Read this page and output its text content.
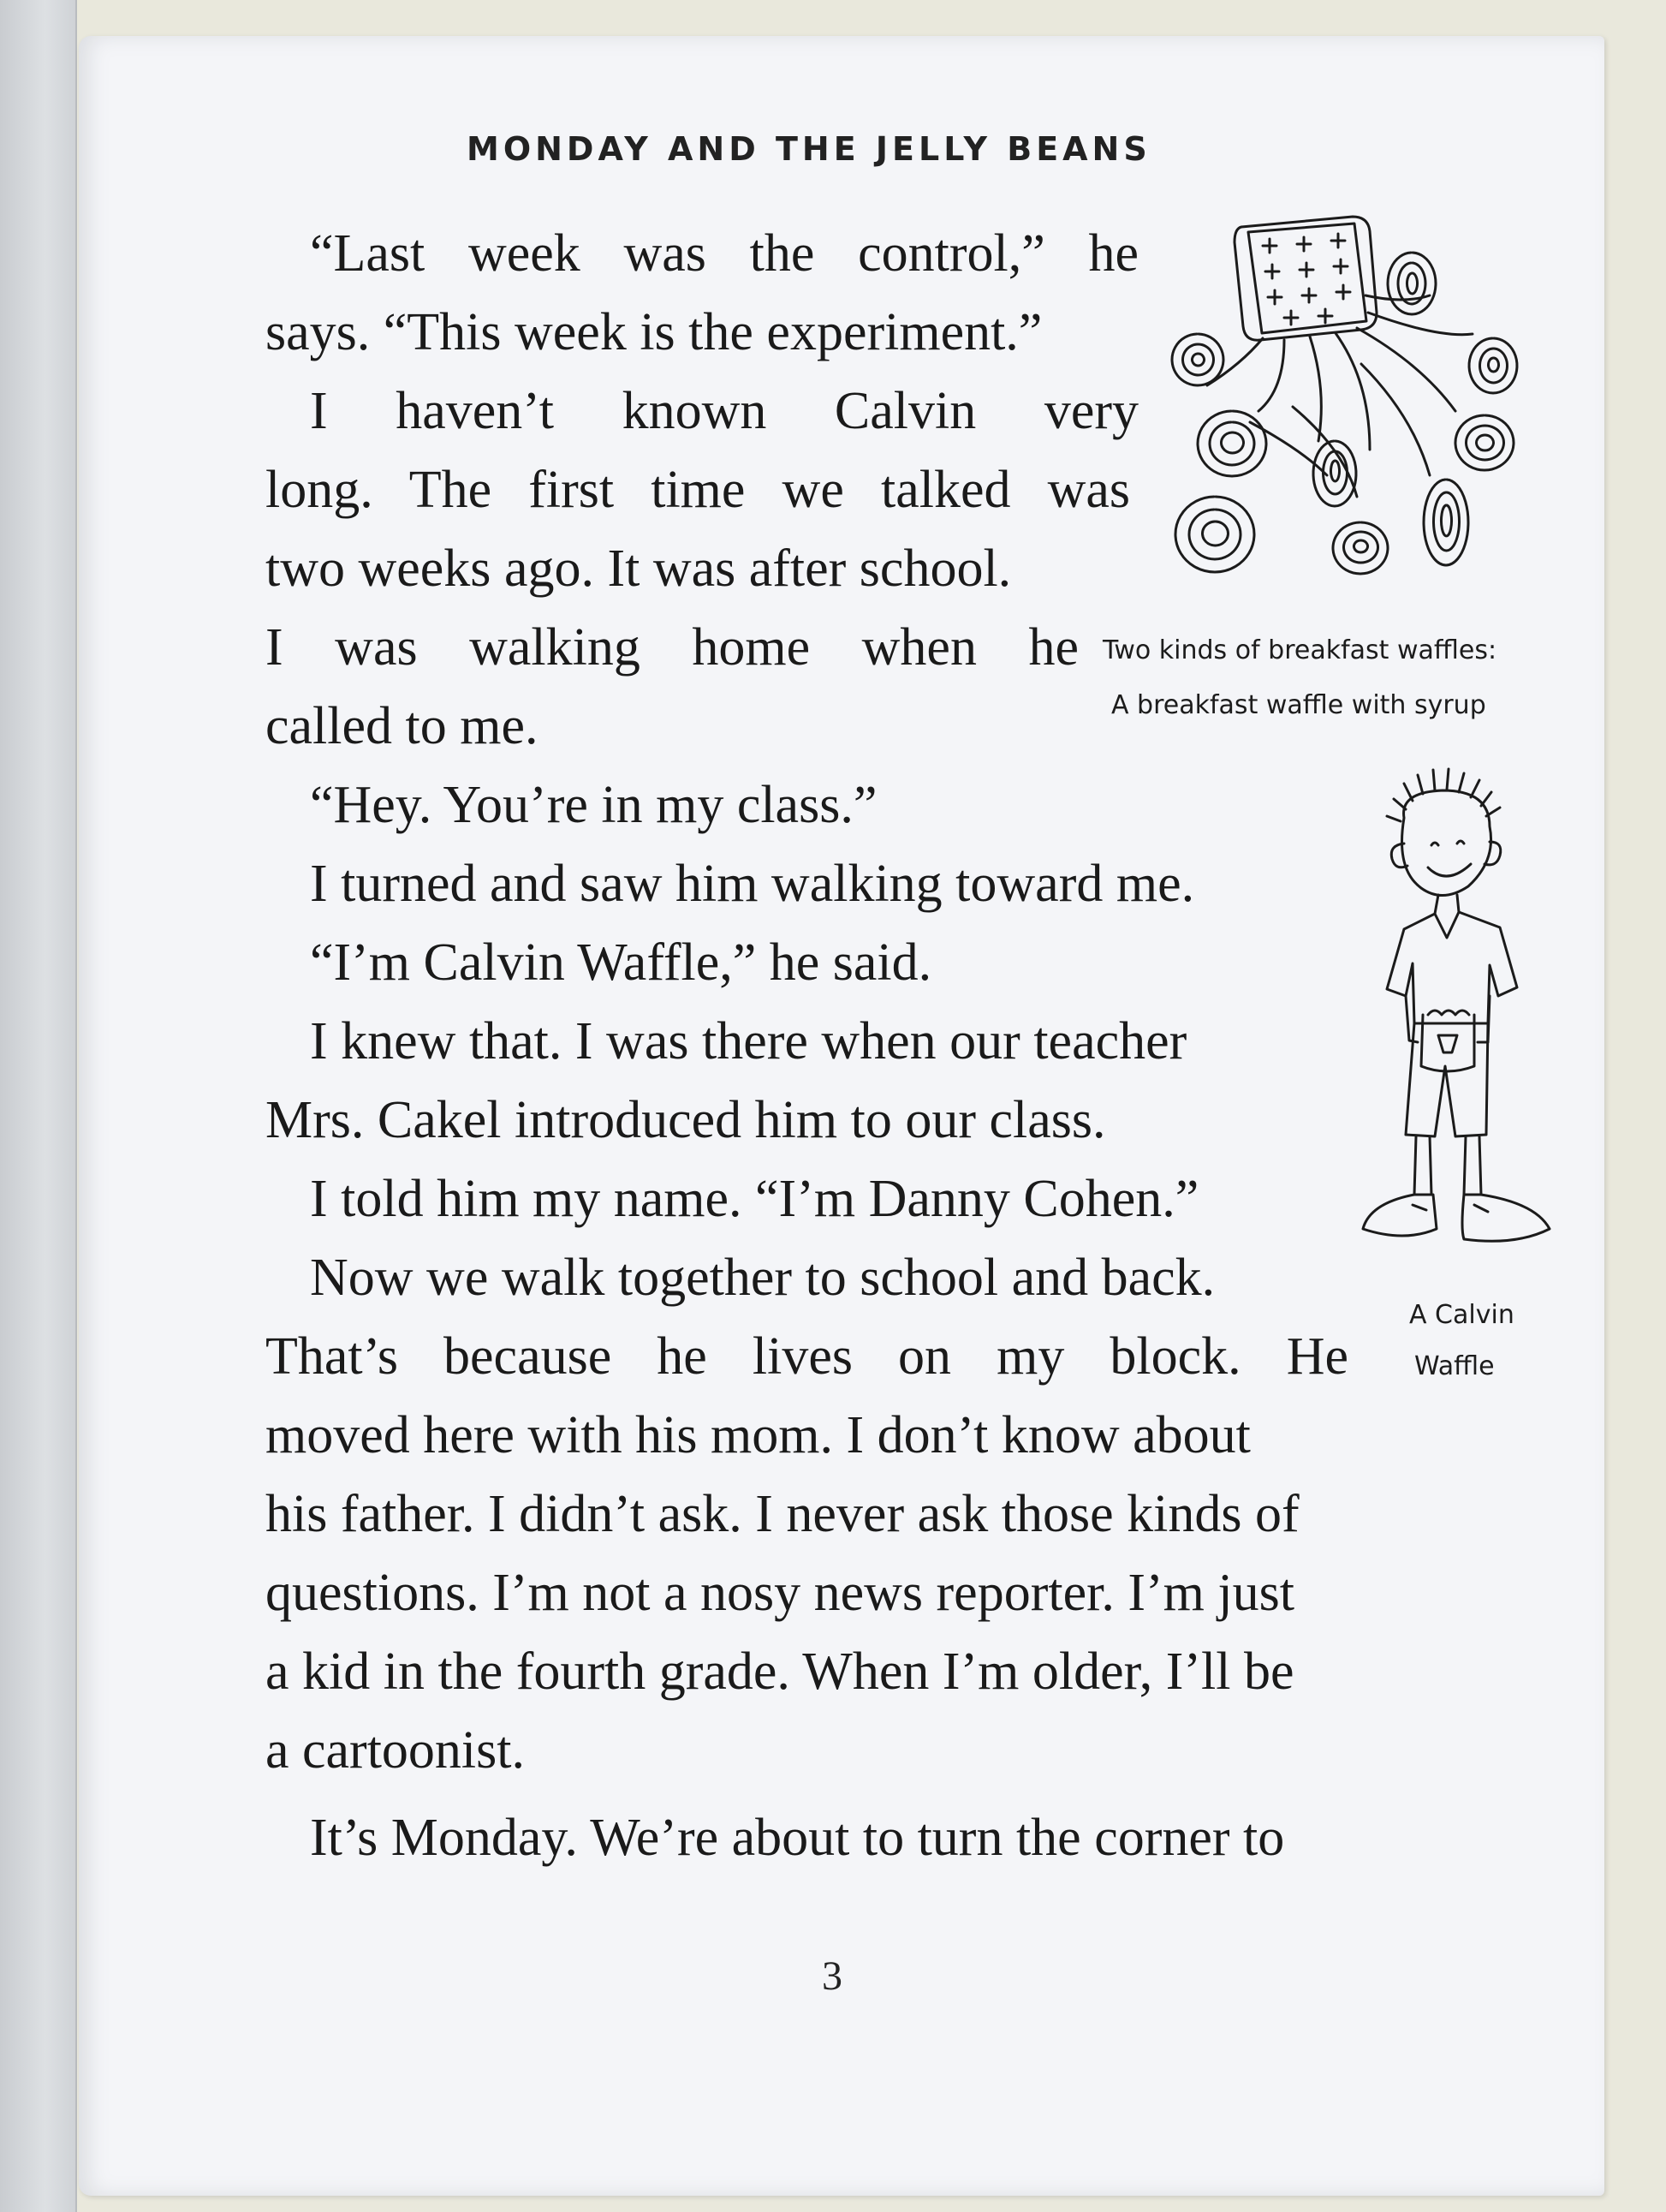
MONDAY AND THE JELLY BEANS
“Last week was the control,” he
says. “This week is the experiment.”
I haven’t known Calvin very
long. The first time we talked was
two weeks ago. It was after school.
I was walking home when he
called to me.
“Hey. You’re in my class.”
I turned and saw him walking toward me.
“I’m Calvin Waffle,” he said.
I knew that. I was there when our teacher
Mrs. Cakel introduced him to our class.
I told him my name. “I’m Danny Cohen.”
Now we walk together to school and back.
That’s because he lives on my block. He
moved here with his mom. I don’t know about
his father. I didn’t ask. I never ask those kinds of
questions. I’m not a nosy news reporter. I’m just
a kid in the fourth grade. When I’m older, I’ll be
a cartoonist.
It’s Monday. We’re about to turn the corner to
Two kinds of breakfast waffles:
A breakfast waffle with syrup
A Calvin
Waffle
3
